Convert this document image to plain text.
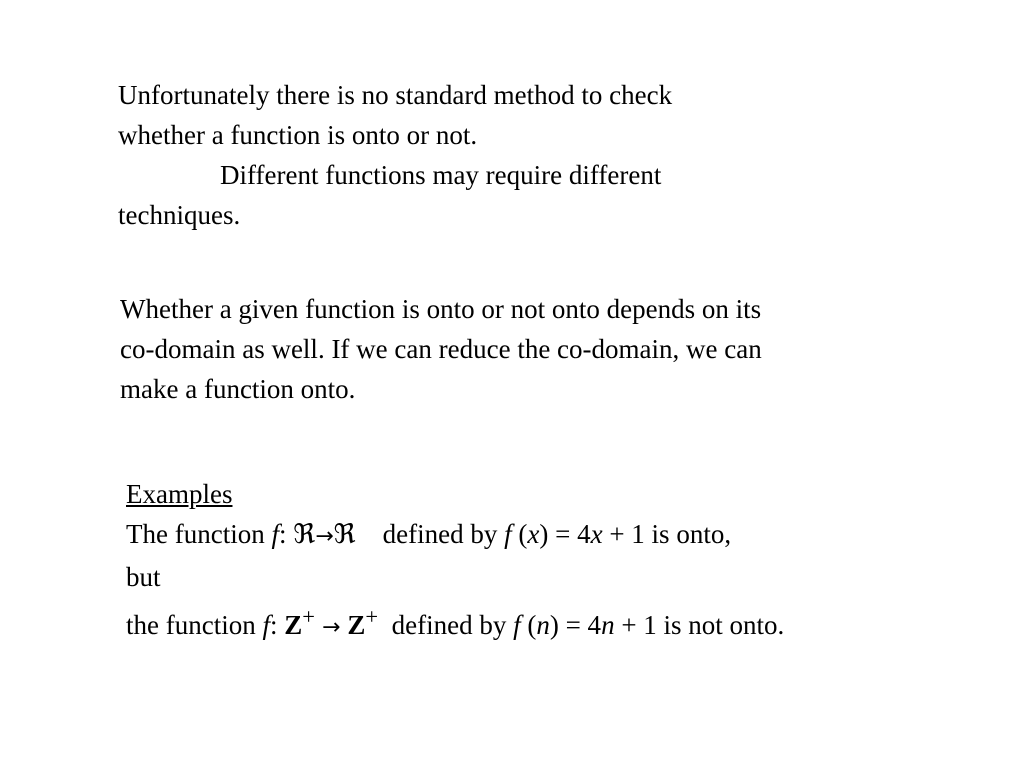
Unfortunately there is no standard method to check
whether a function is onto or not.
Different functions may require different
techniques.
Whether a given function is onto or not onto depends on its
co-domain as well. If we can reduce the co-domain, we can
make a function onto.
Examples
The function f: ℜ→ℜ    defined by f (x) = 4x + 1 is onto,
but
the function f: Z+ → Z+  defined by f (n) = 4n + 1 is not onto.
